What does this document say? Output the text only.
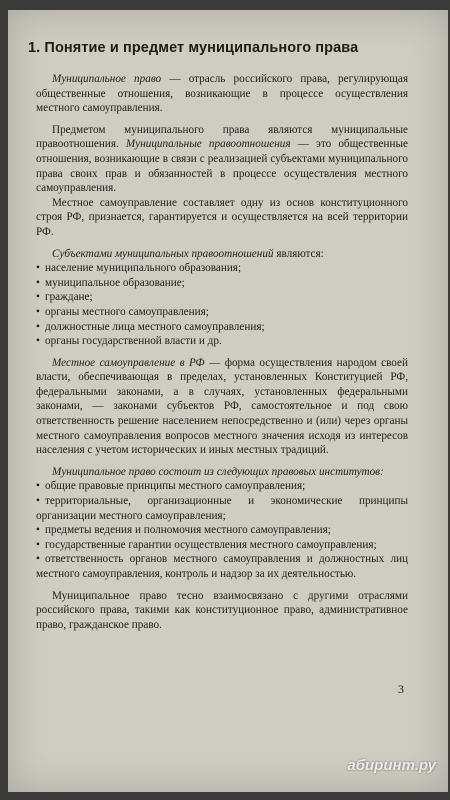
1. Понятие и предмет муниципального права

Муниципальное право — отрасль российского права, регулирующая общественные отношения, возникающие в процессе осуществления местного самоуправления.

Предметом муниципального права являются муниципальные правоотношения. Муниципальные правоотношения — это общественные отношения, возникающие в связи с реализацией субъектами муниципального права своих прав и обязанностей в процессе осуществления местного самоуправления.

Местное самоуправление составляет одну из основ конституционного строя РФ, признается, гарантируется и осуществляется на всей территории РФ.

Субъектами муниципальных правоотношений являются:

• население муниципального образования;
• муниципальное образование;
• граждане;
• органы местного самоуправления;
• должностные лица местного самоуправления;
• органы государственной власти и др.

Местное самоуправление в РФ — форма осуществления народом своей власти, обеспечивающая в пределах, установленных Конституцией РФ, федеральными законами, а в случаях, установленных федеральными законами, — законами субъектов РФ, самостоятельное и под свою ответственность решение населением непосредственно и (или) через органы местного самоуправления вопросов местного значения исходя из интересов населения с учетом исторических и иных местных традиций.

Муниципальное право состоит из следующих правовых институтов:

• общие правовые принципы местного самоуправления;
• территориальные, организационные и экономические принципы организации местного самоуправления;
• предметы ведения и полномочия местного самоуправления;
• государственные гарантии осуществления местного самоуправления;
• ответственность органов местного самоуправления и должностных лиц местного самоуправления, контроль и надзор за их деятельностью.

Муниципальное право тесно взаимосвязано с другими отраслями российского права, такими как конституционное право, административное право, гражданское право.

3
абиринт.ру
